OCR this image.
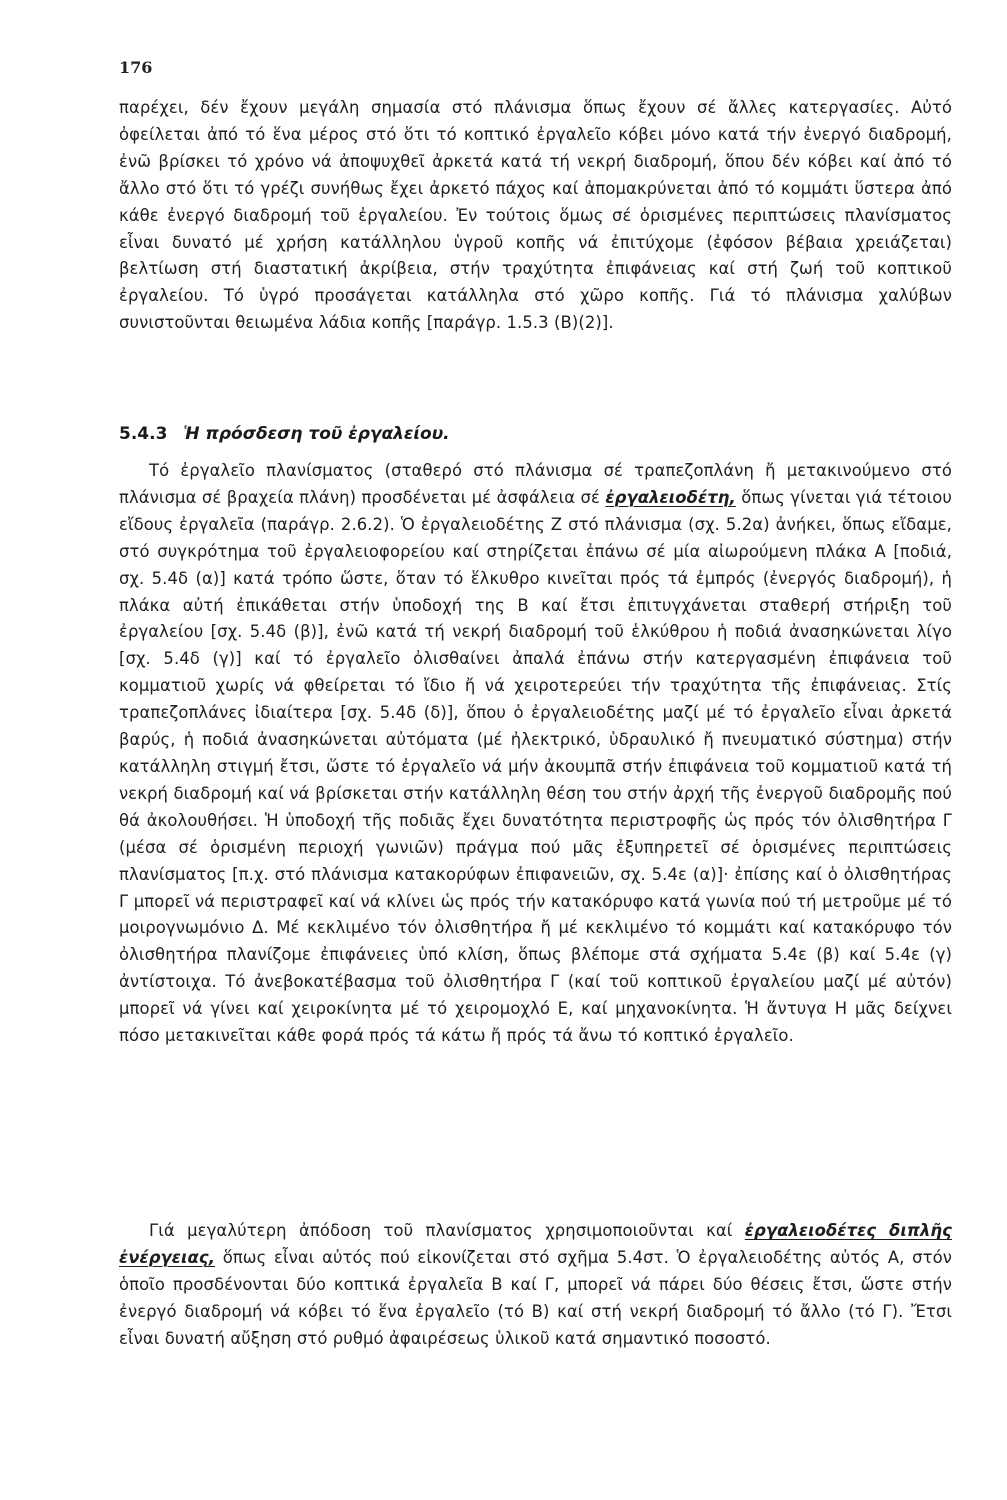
176

παρέχει, δέν ἔχουν μεγάλη σημασία στό πλάνισμα ὅπως ἔχουν σέ ἄλλες κατεργασίες. Αὐτό ὀφείλεται ἀπό τό ἕνα μέρος στό ὅτι τό κοπτικό ἐργαλεῖο κόβει μόνο κατά τήν ἐνεργό διαδρομή, ἐνῶ βρίσκει τό χρόνο νά ἀποψυχθεῖ ἀρκετά κατά τή νεκρή διαδρομή, ὅπου δέν κόβει καί ἀπό τό ἄλλο στό ὅτι τό γρέζι συνήθως ἔχει ἀρκετό πάχος καί ἀπομακρύνεται ἀπό τό κομμάτι ὕστερα ἀπό κάθε ἐνεργό διαδρομή τοῦ ἐργαλείου. Ἐν τούτοις ὅμως σέ ὁρισμένες περιπτώσεις πλανίσματος εἶναι δυνατό μέ χρήση κατάλληλου ὑγροῦ κοπῆς νά ἐπιτύχομε (ἐφόσον βέβαια χρειάζεται) βελτίωση στή διαστατική ἀκρίβεια, στήν τραχύτητα ἐπιφάνειας καί στή ζωή τοῦ κοπτικοῦ ἐργαλείου. Τό ὑγρό προσάγεται κατάλληλα στό χῶρο κοπῆς. Γιά τό πλάνισμα χαλύβων συνιστοῦνται θειωμένα λάδια κοπῆς [παράγρ. 1.5.3 (Β)(2)].

5.4.3 Ἡ πρόσδεση τοῦ ἐργαλείου.

Τό ἐργαλεῖο πλανίσματος (σταθερό στό πλάνισμα σέ τραπεζοπλάνη ἤ μετακινούμενο στό πλάνισμα σέ βραχεία πλάνη) προσδένεται μέ ἀσφάλεια σέ ἐργαλειοδέτη, ὅπως γίνεται γιά τέτοιου εἴδους ἐργαλεῖα (παράγρ. 2.6.2). Ὁ ἐργαλειοδέτης Ζ στό πλάνισμα (σχ. 5.2α) ἀνήκει, ὅπως εἴδαμε, στό συγκρότημα τοῦ ἐργαλειοφορείου καί στηρίζεται ἐπάνω σέ μία αἰωρούμενη πλάκα Α [ποδιά, σχ. 5.4δ (α)] κατά τρόπο ὥστε, ὅταν τό ἕλκυθρο κινεῖται πρός τά ἐμπρός (ἐνεργός διαδρομή), ἡ πλάκα αὐτή ἐπικάθεται στήν ὑποδοχή της Β καί ἔτσι ἐπιτυγχάνεται σταθερή στήριξη τοῦ ἐργαλείου [σχ. 5.4δ (β)], ἐνῶ κατά τή νεκρή διαδρομή τοῦ ἑλκύθρου ἡ ποδιά ἀνασηκώνεται λίγο [σχ. 5.4δ (γ)] καί τό ἐργαλεῖο ὀλισθαίνει ἀπαλά ἐπάνω στήν κατεργασμένη ἐπιφάνεια τοῦ κομματιοῦ χωρίς νά φθείρεται τό ἴδιο ἤ νά χειροτερεύει τήν τραχύτητα τῆς ἐπιφάνειας. Στίς τραπεζοπλάνες ἰδιαίτερα [σχ. 5.4δ (δ)], ὅπου ὁ ἐργαλειοδέτης μαζί μέ τό ἐργαλεῖο εἶναι ἀρκετά βαρύς, ἡ ποδιά ἀνασηκώνεται αὐτόματα (μέ ἠλεκτρικό, ὑδραυλικό ἤ πνευματικό σύστημα) στήν κατάλληλη στιγμή ἔτσι, ὥστε τό ἐργαλεῖο νά μήν ἀκουμπᾶ στήν ἐπιφάνεια τοῦ κομματιοῦ κατά τή νεκρή διαδρομή καί νά βρίσκεται στήν κατάλληλη θέση του στήν ἀρχή τῆς ἐνεργοῦ διαδρομῆς πού θά ἀκολουθήσει. Ἡ ὑποδοχή τῆς ποδιᾶς ἔχει δυνατότητα περιστροφῆς ὡς πρός τόν ὀλισθητήρα Γ (μέσα σέ ὁρισμένη περιοχή γωνιῶν) πράγμα πού μᾶς ἐξυπηρετεῖ σέ ὁρισμένες περιπτώσεις πλανίσματος [π.χ. στό πλάνισμα κατακορύφων ἐπιφανειῶν, σχ. 5.4ε (α)]· ἐπίσης καί ὁ ὀλισθητήρας Γ μπορεῖ νά περιστραφεῖ καί νά κλίνει ὡς πρός τήν κατακόρυφο κατά γωνία πού τή μετροῦμε μέ τό μοιρογνωμόνιο Δ. Μέ κεκλιμένο τόν ὀλισθητήρα ἤ μέ κεκλιμένο τό κομμάτι καί κατακόρυφο τόν ὀλισθητήρα πλανίζομε ἐπιφάνειες ὑπό κλίση, ὅπως βλέπομε στά σχήματα 5.4ε (β) καί 5.4ε (γ) ἀντίστοιχα. Τό ἀνεβοκατέβασμα τοῦ ὀλισθητήρα Γ (καί τοῦ κοπτικοῦ ἐργαλείου μαζί μέ αὐτόν) μπορεῖ νά γίνει καί χειροκίνητα μέ τό χειρομοχλό Ε, καί μηχανοκίνητα. Ἡ ἄντυγα Η μᾶς δείχνει πόσο μετακινεῖται κάθε φορά πρός τά κάτω ἤ πρός τά ἄνω τό κοπτικό ἐργαλεῖο.

Γιά μεγαλύτερη ἀπόδοση τοῦ πλανίσματος χρησιμοποιοῦνται καί ἐργαλειοδέτες διπλῆς ἐνέργειας, ὅπως εἶναι αὐτός πού εἰκονίζεται στό σχῆμα 5.4στ. Ὁ ἐργαλειοδέτης αὐτός Α, στόν ὁποῖο προσδένονται δύο κοπτικά ἐργαλεῖα Β καί Γ, μπορεῖ νά πάρει δύο θέσεις ἔτσι, ὥστε στήν ἐνεργό διαδρομή νά κόβει τό ἕνα ἐργαλεῖο (τό Β) καί στή νεκρή διαδρομή τό ἄλλο (τό Γ). Ἔτσι εἶναι δυνατή αὔξηση στό ρυθμό ἀφαιρέσεως ὑλικοῦ κατά σημαντικό ποσοστό.
